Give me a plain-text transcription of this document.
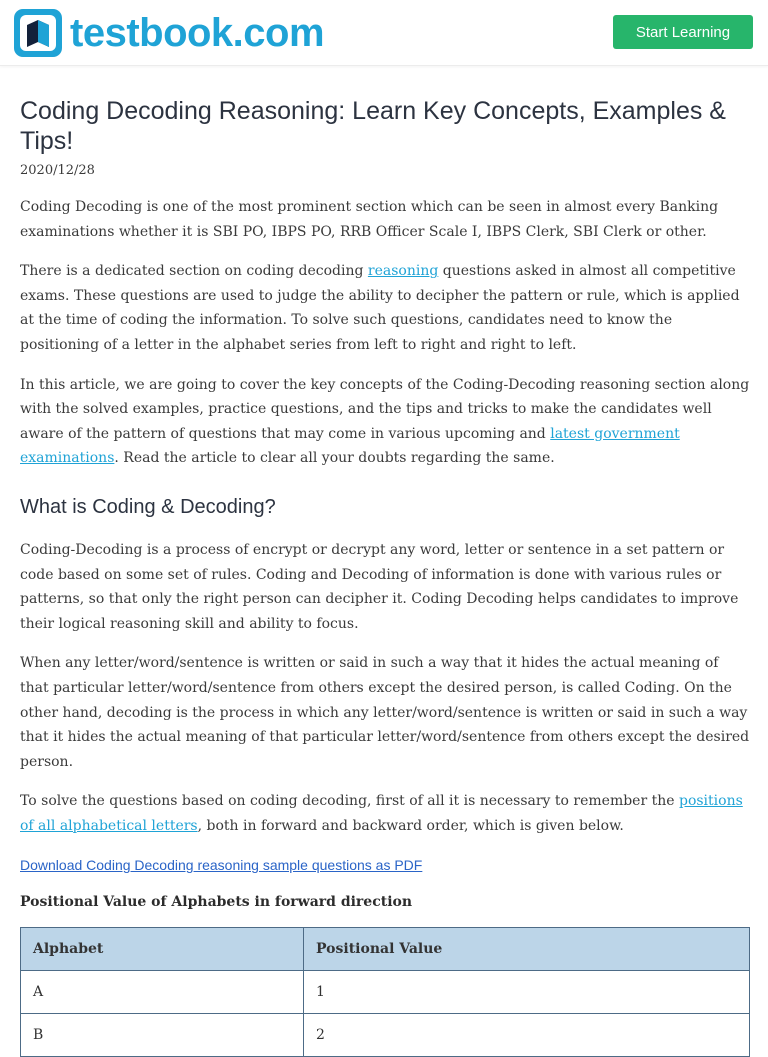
testbook.com	Start Learning
Coding Decoding Reasoning: Learn Key Concepts, Examples & Tips!
2020/12/28

Coding Decoding is one of the most prominent section which can be seen in almost every Banking examinations whether it is SBI PO, IBPS PO, RRB Officer Scale I, IBPS Clerk, SBI Clerk or other.

There is a dedicated section on coding decoding reasoning questions asked in almost all competitive exams. These questions are used to judge the ability to decipher the pattern or rule, which is applied at the time of coding the information. To solve such questions, candidates need to know the positioning of a letter in the alphabet series from left to right and right to left.

In this article, we are going to cover the key concepts of the Coding-Decoding reasoning section along with the solved examples, practice questions, and the tips and tricks to make the candidates well aware of the pattern of questions that may come in various upcoming and latest government examinations. Read the article to clear all your doubts regarding the same.

What is Coding & Decoding?

Coding-Decoding is a process of encrypt or decrypt any word, letter or sentence in a set pattern or code based on some set of rules. Coding and Decoding of information is done with various rules or patterns, so that only the right person can decipher it. Coding Decoding helps candidates to improve their logical reasoning skill and ability to focus.

When any letter/word/sentence is written or said in such a way that it hides the actual meaning of that particular letter/word/sentence from others except the desired person, is called Coding. On the other hand, decoding is the process in which any letter/word/sentence is written or said in such a way that it hides the actual meaning of that particular letter/word/sentence from others except the desired person.

To solve the questions based on coding decoding, first of all it is necessary to remember the positions of all alphabetical letters, both in forward and backward order, which is given below.

Download Coding Decoding reasoning sample questions as PDF
Positional Value of Alphabets in forward direction
Alphabet	Positional Value
A	1
B	2
